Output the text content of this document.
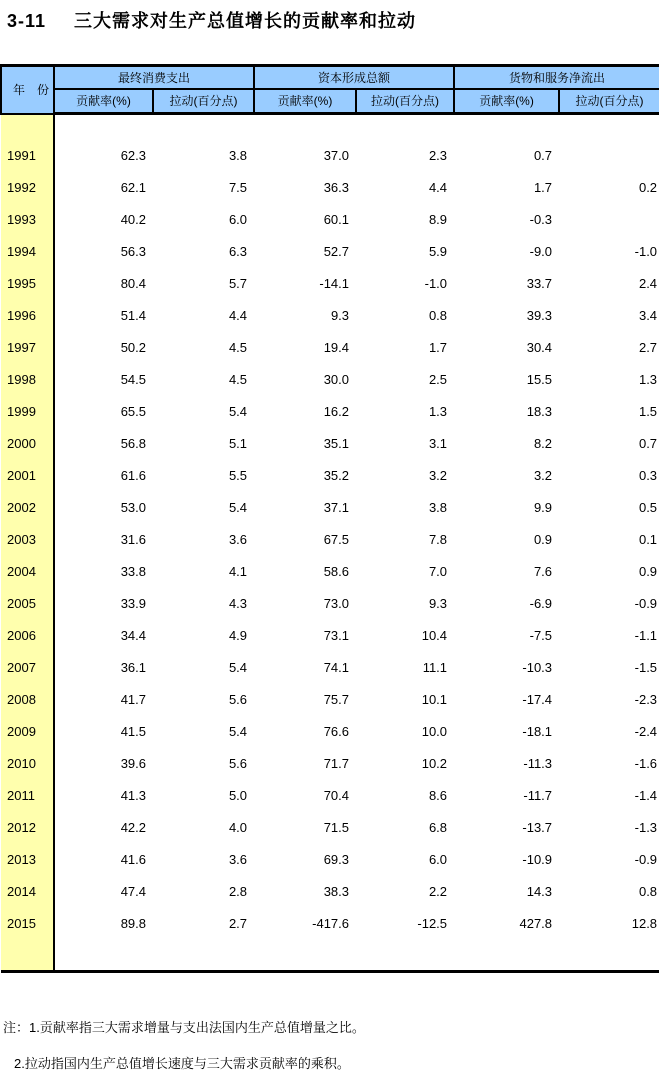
3-11 三大需求对生产总值增长的贡献率和拉动
年　份	最终消费支出		资本形成总额		货物和服务净流出	
	贡献率(%)	拉动(百分点)	贡献率(%)	拉动(百分点)	贡献率(%)	拉动(百分点)

1991	62.3	3.8	37.0	2.3	0.7	
1992	62.1	7.5	36.3	4.4	1.7	0.2
1993	40.2	6.0	60.1	8.9	-0.3	
1994	56.3	6.3	52.7	5.9	-9.0	-1.0
1995	80.4	5.7	-14.1	-1.0	33.7	2.4
1996	51.4	4.4	9.3	0.8	39.3	3.4
1997	50.2	4.5	19.4	1.7	30.4	2.7
1998	54.5	4.5	30.0	2.5	15.5	1.3
1999	65.5	5.4	16.2	1.3	18.3	1.5
2000	56.8	5.1	35.1	3.1	8.2	0.7
2001	61.6	5.5	35.2	3.2	3.2	0.3
2002	53.0	5.4	37.1	3.8	9.9	0.5
2003	31.6	3.6	67.5	7.8	0.9	0.1
2004	33.8	4.1	58.6	7.0	7.6	0.9
2005	33.9	4.3	73.0	9.3	-6.9	-0.9
2006	34.4	4.9	73.1	10.4	-7.5	-1.1
2007	36.1	5.4	74.1	11.1	-10.3	-1.5
2008	41.7	5.6	75.7	10.1	-17.4	-2.3
2009	41.5	5.4	76.6	10.0	-18.1	-2.4
2010	39.6	5.6	71.7	10.2	-11.3	-1.6
2011	41.3	5.0	70.4	8.6	-11.7	-1.4
2012	42.2	4.0	71.5	6.8	-13.7	-1.3
2013	41.6	3.6	69.3	6.0	-10.9	-0.9
2014	47.4	2.8	38.3	2.2	14.3	0.8
2015	89.8	2.7	-417.6	-12.5	427.8	12.8

注：1.贡献率指三大需求增量与支出法国内生产总值增量之比。
2.拉动指国内生产总值增长速度与三大需求贡献率的乘积。
